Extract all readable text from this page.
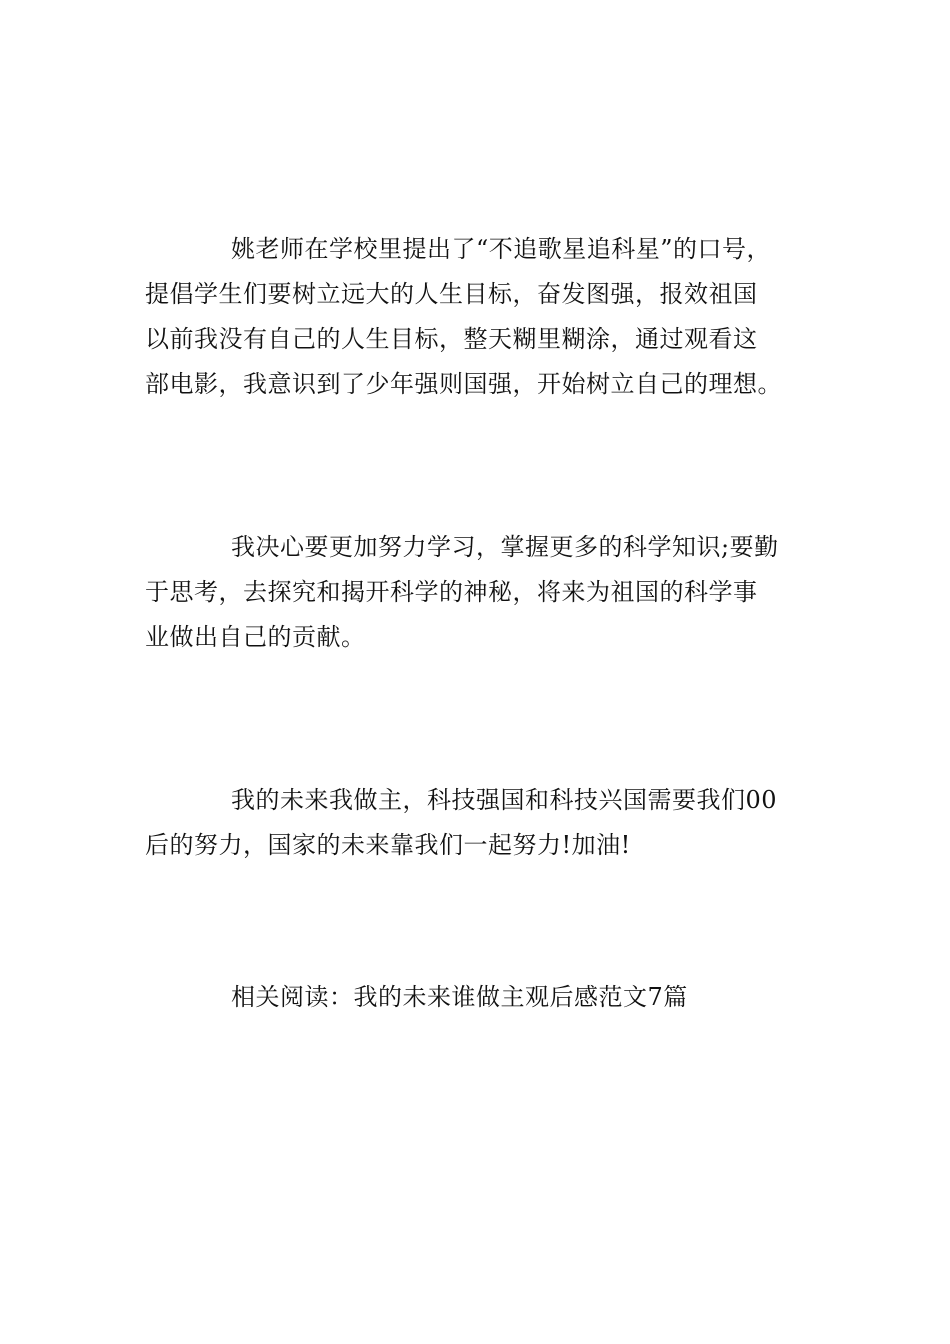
姚老师在学校里提出了“不追歌星追科星”的口号，
提倡学生们要树立远大的人生目标，奋发图强，报效祖国
以前我没有自己的人生目标，整天糊里糊涂，通过观看这
部电影，我意识到了少年强则国强，开始树立自己的理想。

我决心要更加努力学习，掌握更多的科学知识;要勤
于思考，去探究和揭开科学的神秘，将来为祖国的科学事
业做出自己的贡献。

我的未来我做主，科技强国和科技兴国需要我们00
后的努力，国家的未来靠我们一起努力!加油!

相关阅读：我的未来谁做主观后感范文7篇
